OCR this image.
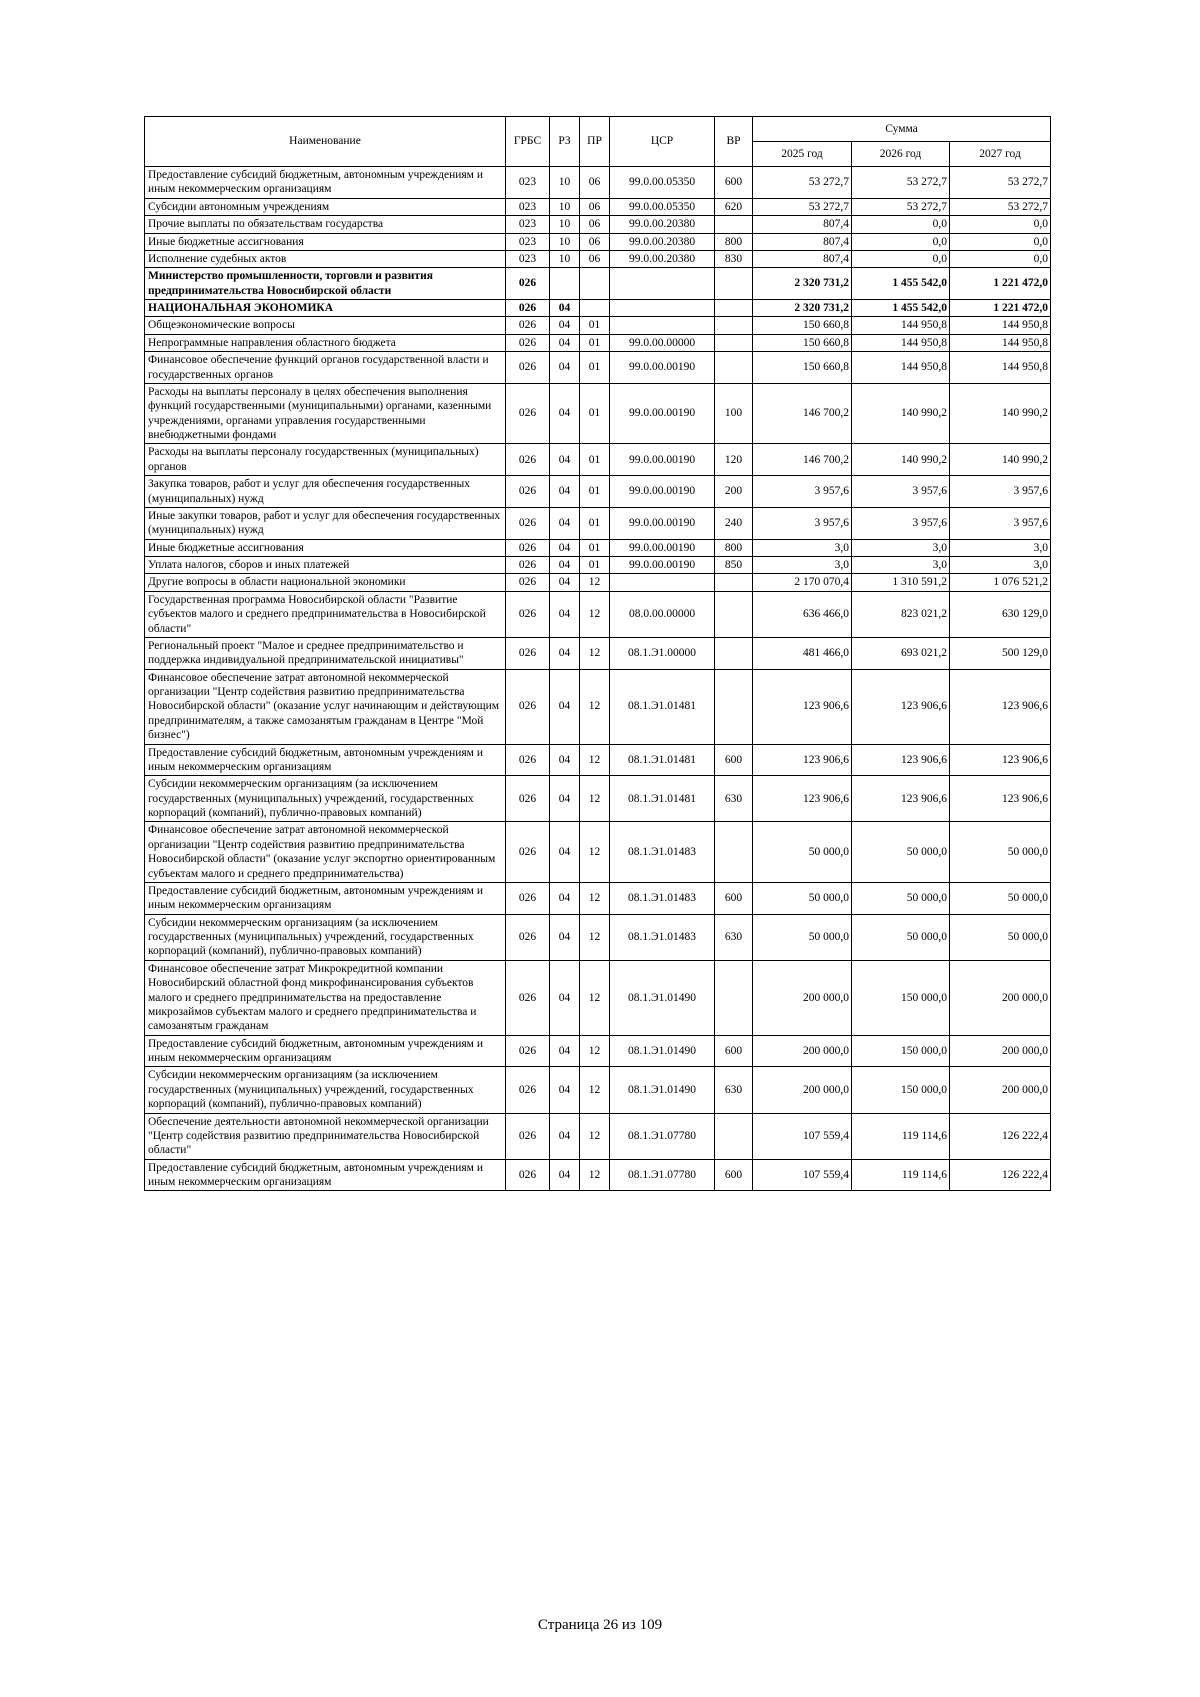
Наименование	ГРБС	РЗ	ПР	ЦСР	ВР	Сумма		
						2025 год	2026 год	2027 год
Предоставление субсидий бюджетным, автономным учреждениям и иным некоммерческим организациям	023	10	06	99.0.00.05350	600	53 272,7	53 272,7	53 272,7
Субсидии автономным учреждениям	023	10	06	99.0.00.05350	620	53 272,7	53 272,7	53 272,7
Прочие выплаты по обязательствам государства	023	10	06	99.0.00.20380		807,4	0,0	0,0
Иные бюджетные ассигнования	023	10	06	99.0.00.20380	800	807,4	0,0	0,0
Исполнение судебных актов	023	10	06	99.0.00.20380	830	807,4	0,0	0,0
Министерство промышленности, торговли и развития предпринимательства Новосибирской области	026					2 320 731,2	1 455 542,0	1 221 472,0
НАЦИОНАЛЬНАЯ ЭКОНОМИКА	026	04				2 320 731,2	1 455 542,0	1 221 472,0
Общеэкономические вопросы	026	04	01			150 660,8	144 950,8	144 950,8
Непрограммные направления областного бюджета	026	04	01	99.0.00.00000		150 660,8	144 950,8	144 950,8
Финансовое обеспечение функций органов государственной власти и государственных органов	026	04	01	99.0.00.00190		150 660,8	144 950,8	144 950,8
Расходы на выплаты персоналу в целях обеспечения выполнения функций государственными (муниципальными) органами, казенными учреждениями, органами управления государственными внебюджетными фондами	026	04	01	99.0.00.00190	100	146 700,2	140 990,2	140 990,2
Расходы на выплаты персоналу государственных (муниципальных) органов	026	04	01	99.0.00.00190	120	146 700,2	140 990,2	140 990,2
Закупка товаров, работ и услуг для обеспечения государственных (муниципальных) нужд	026	04	01	99.0.00.00190	200	3 957,6	3 957,6	3 957,6
Иные закупки товаров, работ и услуг для обеспечения государственных (муниципальных) нужд	026	04	01	99.0.00.00190	240	3 957,6	3 957,6	3 957,6
Иные бюджетные ассигнования	026	04	01	99.0.00.00190	800	3,0	3,0	3,0
Уплата налогов, сборов и иных платежей	026	04	01	99.0.00.00190	850	3,0	3,0	3,0
Другие вопросы в области национальной экономики	026	04	12			2 170 070,4	1 310 591,2	1 076 521,2
Государственная программа Новосибирской области "Развитие субъектов малого и среднего предпринимательства в Новосибирской области"	026	04	12	08.0.00.00000		636 466,0	823 021,2	630 129,0
Региональный проект "Малое и среднее предпринимательство и поддержка индивидуальной предпринимательской инициативы"	026	04	12	08.1.Э1.00000		481 466,0	693 021,2	500 129,0
Финансовое обеспечение затрат автономной некоммерческой организации "Центр содействия развитию предпринимательства Новосибирской области" (оказание услуг начинающим и действующим предпринимателям, а также самозанятым гражданам в Центре "Мой бизнес")	026	04	12	08.1.Э1.01481		123 906,6	123 906,6	123 906,6
Предоставление субсидий бюджетным, автономным учреждениям и иным некоммерческим организациям	026	04	12	08.1.Э1.01481	600	123 906,6	123 906,6	123 906,6
Субсидии некоммерческим организациям (за исключением государственных (муниципальных) учреждений, государственных корпораций (компаний), публично-правовых компаний)	026	04	12	08.1.Э1.01481	630	123 906,6	123 906,6	123 906,6
Финансовое обеспечение затрат автономной некоммерческой организации "Центр содействия развитию предпринимательства Новосибирской области" (оказание услуг экспортно ориентированным субъектам малого и среднего предпринимательства)	026	04	12	08.1.Э1.01483		50 000,0	50 000,0	50 000,0
Предоставление субсидий бюджетным, автономным учреждениям и иным некоммерческим организациям	026	04	12	08.1.Э1.01483	600	50 000,0	50 000,0	50 000,0
Субсидии некоммерческим организациям (за исключением государственных (муниципальных) учреждений, государственных корпораций (компаний), публично-правовых компаний)	026	04	12	08.1.Э1.01483	630	50 000,0	50 000,0	50 000,0
Финансовое обеспечение затрат Микрокредитной компании Новосибирский областной фонд микрофинансирования субъектов малого и среднего предпринимательства на предоставление микрозаймов субъектам малого и среднего предпринимательства и самозанятым гражданам	026	04	12	08.1.Э1.01490		200 000,0	150 000,0	200 000,0
Предоставление субсидий бюджетным, автономным учреждениям и иным некоммерческим организациям	026	04	12	08.1.Э1.01490	600	200 000,0	150 000,0	200 000,0
Субсидии некоммерческим организациям (за исключением государственных (муниципальных) учреждений, государственных корпораций (компаний), публично-правовых компаний)	026	04	12	08.1.Э1.01490	630	200 000,0	150 000,0	200 000,0
Обеспечение деятельности автономной некоммерческой организации "Центр содействия развитию предпринимательства Новосибирской области"	026	04	12	08.1.Э1.07780		107 559,4	119 114,6	126 222,4
Предоставление субсидий бюджетным, автономным учреждениям и иным некоммерческим организациям	026	04	12	08.1.Э1.07780	600	107 559,4	119 114,6	126 222,4
Страница 26 из 109
